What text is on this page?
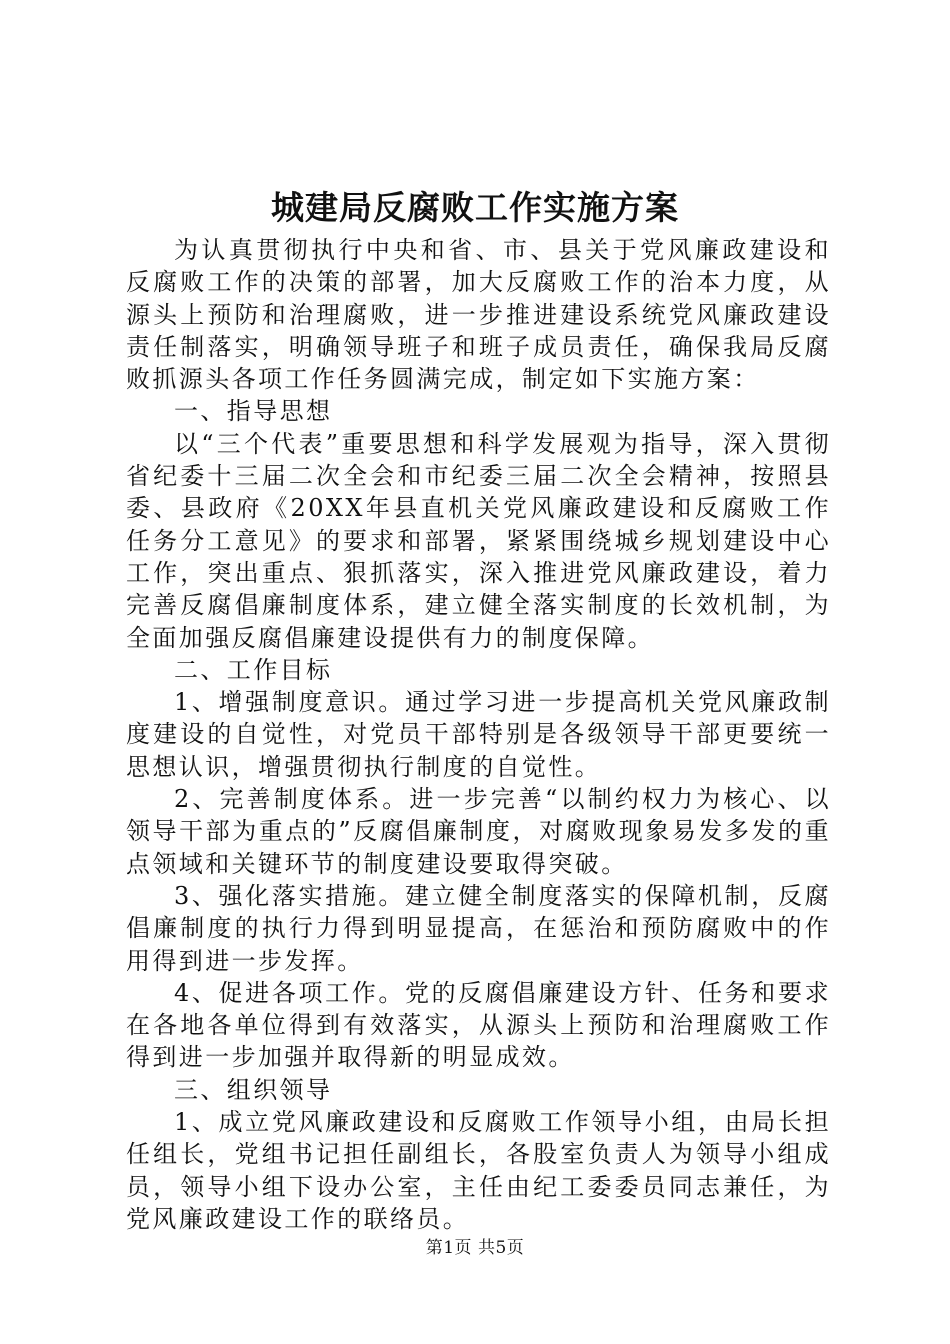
城建局反腐败工作实施方案

为认真贯彻执行中央和省、市、县关于党风廉政建设和反腐败工作的决策的部署，加大反腐败工作的治本力度，从源头上预防和治理腐败，进一步推进建设系统党风廉政建设责任制落实，明确领导班子和班子成员责任，确保我局反腐败抓源头各项工作任务圆满完成，制定如下实施方案：

一、指导思想

以“三个代表”重要思想和科学发展观为指导，深入贯彻省纪委十三届二次全会和市纪委三届二次全会精神，按照县委、县政府《20XX年县直机关党风廉政建设和反腐败工作任务分工意见》的要求和部署，紧紧围绕城乡规划建设中心工作，突出重点、狠抓落实，深入推进党风廉政建设，着力完善反腐倡廉制度体系，建立健全落实制度的长效机制，为全面加强反腐倡廉建设提供有力的制度保障。

二、工作目标

1、增强制度意识。通过学习进一步提高机关党风廉政制度建设的自觉性，对党员干部特别是各级领导干部更要统一思想认识，增强贯彻执行制度的自觉性。

2、完善制度体系。进一步完善“以制约权力为核心、以领导干部为重点的”反腐倡廉制度，对腐败现象易发多发的重点领域和关键环节的制度建设要取得突破。

3、强化落实措施。建立健全制度落实的保障机制，反腐倡廉制度的执行力得到明显提高，在惩治和预防腐败中的作用得到进一步发挥。

4、促进各项工作。党的反腐倡廉建设方针、任务和要求在各地各单位得到有效落实，从源头上预防和治理腐败工作得到进一步加强并取得新的明显成效。

三、组织领导

1、成立党风廉政建设和反腐败工作领导小组，由局长担任组长，党组书记担任副组长，各股室负责人为领导小组成员，领导小组下设办公室，主任由纪工委委员同志兼任，为党风廉政建设工作的联络员。

第1页 共5页
